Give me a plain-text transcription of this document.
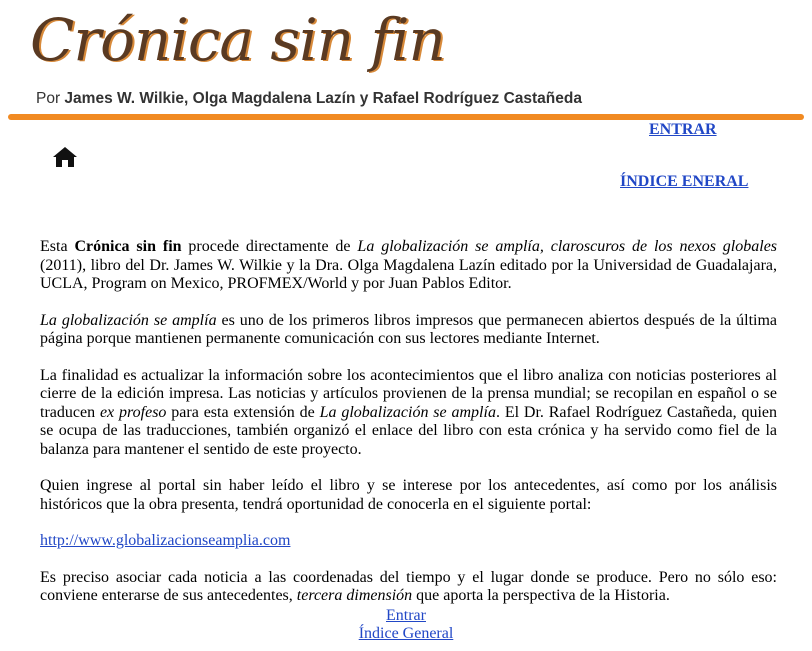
Crónica sin fin
Por James W. Wilkie, Olga Magdalena Lazín y Rafael Rodríguez Castañeda
ENTRAR
ÍNDICE ENERAL

Esta Crónica sin fin procede directamente de La globalización se amplía, claroscuros de los nexos globales (2011), libro del Dr. James W. Wilkie y la Dra. Olga Magdalena Lazín editado por la Universidad de Guadalajara, UCLA, Program on Mexico, PROFMEX/World y por Juan Pablos Editor.

La globalización se amplía es uno de los primeros libros impresos que permanecen abiertos después de la última página porque mantienen permanente comunicación con sus lectores mediante Internet.

La finalidad es actualizar la información sobre los acontecimientos que el libro analiza con noticias posteriores al cierre de la edición impresa. Las noticias y artículos provienen de la prensa mundial; se recopilan en español o se traducen ex profeso para esta extensión de La globalización se amplía. El Dr. Rafael Rodríguez Castañeda, quien se ocupa de las traducciones, también organizó el enlace del libro con esta crónica y ha servido como fiel de la balanza para mantener el sentido de este proyecto.

Quien ingrese al portal sin haber leído el libro y se interese por los antecedentes, así como por los análisis históricos que la obra presenta, tendrá oportunidad de conocerla en el siguiente portal:

http://www.globalizacionseamplia.com

Es preciso asociar cada noticia a las coordenadas del tiempo y el lugar donde se produce. Pero no sólo eso: conviene enterarse de sus antecedentes, tercera dimensión que aporta la perspectiva de la Historia.

Entrar
Índice General
